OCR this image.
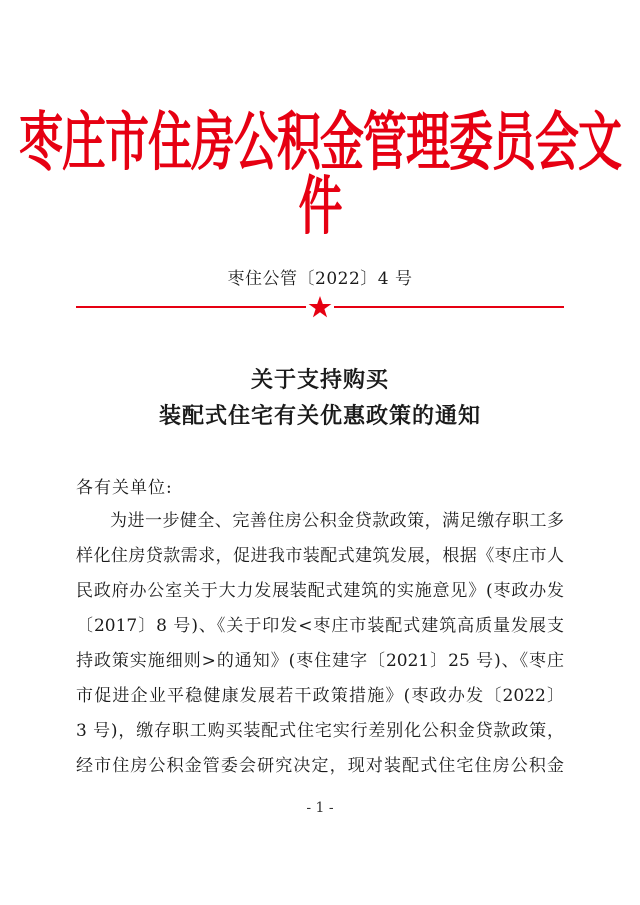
枣庄市住房公积金管理委员会文件
枣住公管〔2022〕4 号
关于支持购买
装配式住宅有关优惠政策的通知
各有关单位:
为进一步健全、完善住房公积金贷款政策，满足缴存职工多
样化住房贷款需求，促进我市装配式建筑发展，根据《枣庄市人
民政府办公室关于大力发展装配式建筑的实施意见》(枣政办发
〔2017〕8 号)、《关于印发<枣庄市装配式建筑高质量发展支
持政策实施细则>的通知》(枣住建字〔2021〕25 号)、《枣庄
市促进企业平稳健康发展若干政策措施》(枣政办发〔2022〕
3 号)，缴存职工购买装配式住宅实行差别化公积金贷款政策，
经市住房公积金管委会研究决定，现对装配式住宅住房公积金
- 1 -
